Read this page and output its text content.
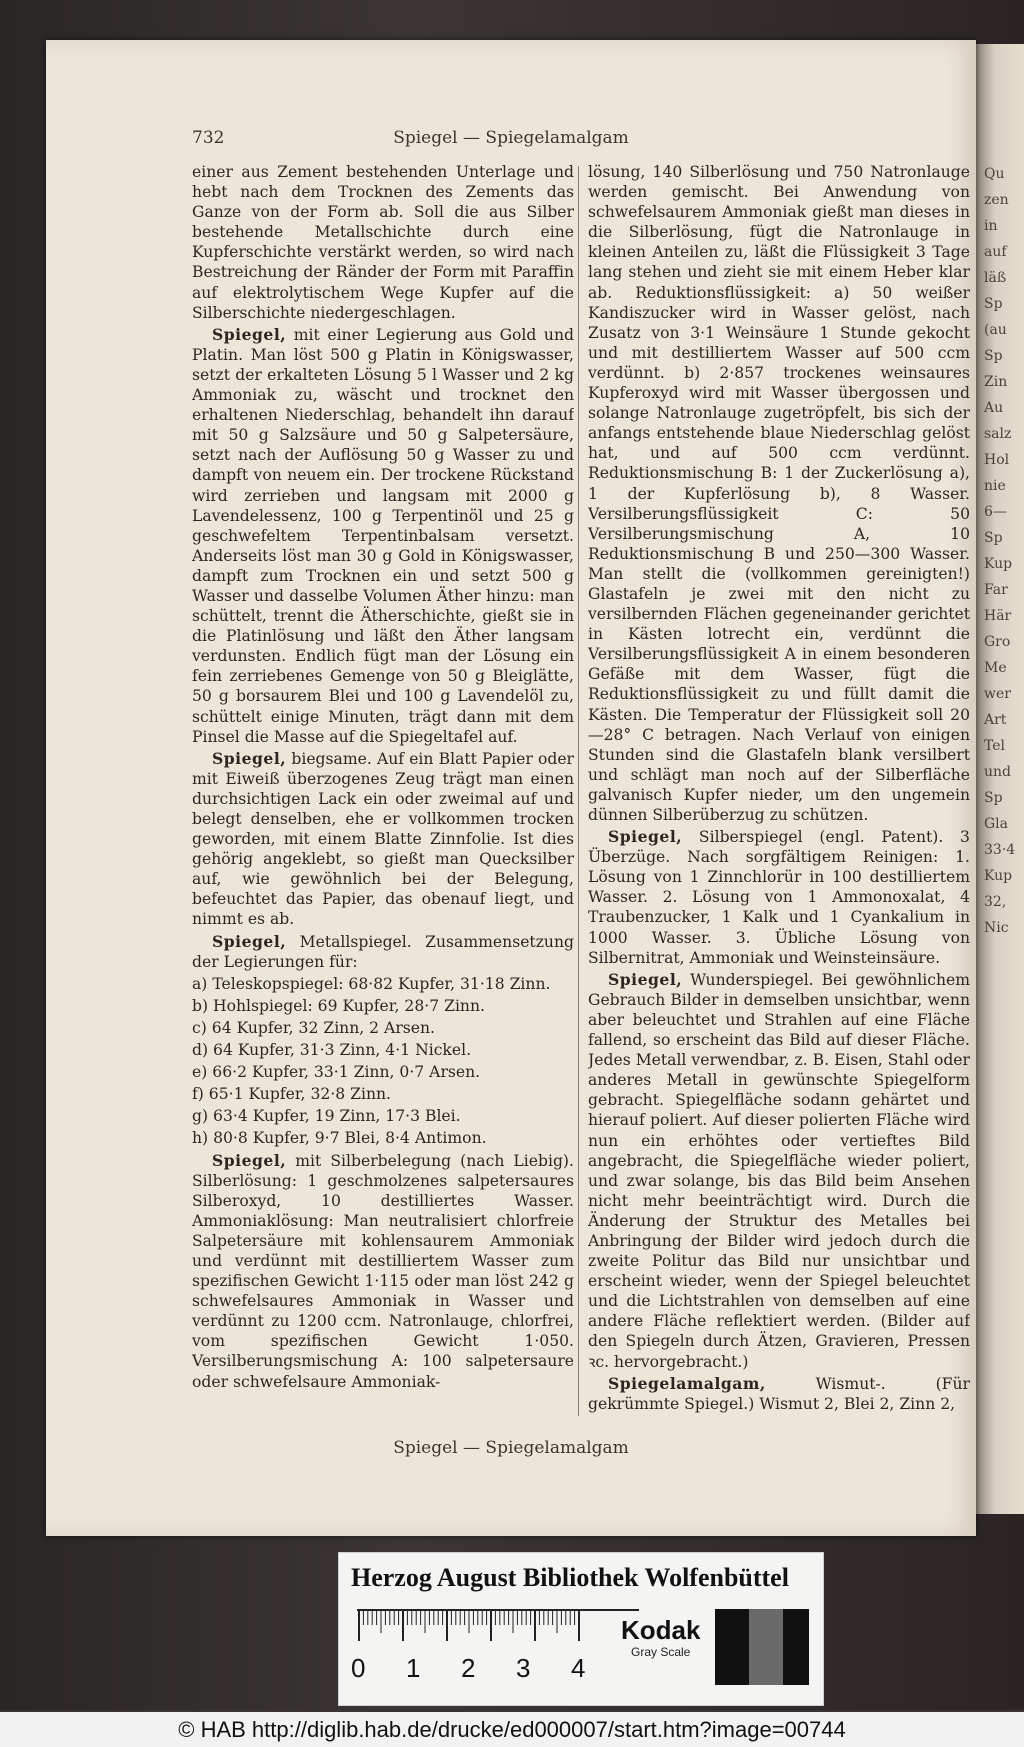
Qu
zen
in
auf
läß
Sp
(au
Sp
Zin
Au
salz
Hol
nie
6—
Sp
Kup
Far
Här
Gro
Me
wer
Art
Tel
und
Sp
Gla
33·4
Kup
32,
Nic
732	Spiegel — Spiegelamalgam

einer aus Zement bestehenden Unterlage und hebt nach dem Trocknen des Zements das Ganze von der Form ab. Soll die aus Silber bestehende Metallschichte durch eine Kupferschichte verstärkt werden, so wird nach Bestreichung der Ränder der Form mit Paraffin auf elektrolytischem Wege Kupfer auf die Silberschichte niedergeschlagen.

Spiegel, mit einer Legierung aus Gold und Platin. Man löst 500 g Platin in Königswasser, setzt der erkalteten Lösung 5 l Wasser und 2 kg Ammoniak zu, wäscht und trocknet den erhaltenen Niederschlag, behandelt ihn darauf mit 50 g Salzsäure und 50 g Salpetersäure, setzt nach der Auflösung 50 g Wasser zu und dampft von neuem ein. Der trockene Rückstand wird zerrieben und langsam mit 2000 g Lavendelessenz, 100 g Terpentinöl und 25 g geschwefeltem Terpentinbalsam versetzt. Anderseits löst man 30 g Gold in Königswasser, dampft zum Trocknen ein und setzt 500 g Wasser und dasselbe Volumen Äther hinzu: man schüttelt, trennt die Ätherschichte, gießt sie in die Platinlösung und läßt den Äther langsam verdunsten. Endlich fügt man der Lösung ein fein zerriebenes Gemenge von 50 g Bleiglätte, 50 g borsaurem Blei und 100 g Lavendelöl zu, schüttelt einige Minuten, trägt dann mit dem Pinsel die Masse auf die Spiegeltafel auf.

Spiegel, biegsame. Auf ein Blatt Papier oder mit Eiweiß überzogenes Zeug trägt man einen durchsichtigen Lack ein oder zweimal auf und belegt denselben, ehe er vollkommen trocken geworden, mit einem Blatte Zinnfolie. Ist dies gehörig angeklebt, so gießt man Quecksilber auf, wie gewöhnlich bei der Belegung, befeuchtet das Papier, das obenauf liegt, und nimmt es ab.

Spiegel, Metallspiegel. Zusammensetzung der Legierungen für:

a) Teleskopspiegel: 68·82 Kupfer, 31·18 Zinn.

b) Hohlspiegel: 69 Kupfer, 28·7 Zinn.

c) 64 Kupfer, 32 Zinn, 2 Arsen.

d) 64 Kupfer, 31·3 Zinn, 4·1 Nickel.

e) 66·2 Kupfer, 33·1 Zinn, 0·7 Arsen.

f) 65·1 Kupfer, 32·8 Zinn.

g) 63·4 Kupfer, 19 Zinn, 17·3 Blei.

h) 80·8 Kupfer, 9·7 Blei, 8·4 Antimon.

Spiegel, mit Silberbelegung (nach Liebig). Silberlösung: 1 geschmolzenes salpetersaures Silberoxyd, 10 destilliertes Wasser. Ammoniaklösung: Man neutralisiert chlorfreie Salpetersäure mit kohlensaurem Ammoniak und verdünnt mit destilliertem Wasser zum spezifischen Gewicht 1·115 oder man löst 242 g schwefelsaures Ammoniak in Wasser und verdünnt zu 1200 ccm. Natronlauge, chlorfrei, vom spezifischen Gewicht 1·050. Versilberungsmischung A: 100 salpetersaure oder schwefelsaure Ammoniak-

lösung, 140 Silberlösung und 750 Natronlauge werden gemischt. Bei Anwendung von schwefelsaurem Ammoniak gießt man dieses in die Silberlösung, fügt die Natronlauge in kleinen Anteilen zu, läßt die Flüssigkeit 3 Tage lang stehen und zieht sie mit einem Heber klar ab. Reduktionsflüssigkeit: a) 50 weißer Kandiszucker wird in Wasser gelöst, nach Zusatz von 3·1 Weinsäure 1 Stunde gekocht und mit destilliertem Wasser auf 500 ccm verdünnt. b) 2·857 trockenes weinsaures Kupferoxyd wird mit Wasser übergossen und solange Natronlauge zugetröpfelt, bis sich der anfangs entstehende blaue Niederschlag gelöst hat, und auf 500 ccm verdünnt. Reduktionsmischung B: 1 der Zuckerlösung a), 1 der Kupferlösung b), 8 Wasser. Versilberungsflüssigkeit C: 50 Versilberungsmischung A, 10 Reduktionsmischung B und 250—300 Wasser. Man stellt die (vollkommen gereinigten!) Glastafeln je zwei mit den nicht zu versilbernden Flächen gegeneinander gerichtet in Kästen lotrecht ein, verdünnt die Versilberungsflüssigkeit A in einem besonderen Gefäße mit dem Wasser, fügt die Reduktionsflüssigkeit zu und füllt damit die Kästen. Die Temperatur der Flüssigkeit soll 20—28° C betragen. Nach Verlauf von einigen Stunden sind die Glastafeln blank versilbert und schlägt man noch auf der Silberfläche galvanisch Kupfer nieder, um den ungemein dünnen Silberüberzug zu schützen.

Spiegel, Silberspiegel (engl. Patent). 3 Überzüge. Nach sorgfältigem Reinigen: 1. Lösung von 1 Zinnchlorür in 100 destilliertem Wasser. 2. Lösung von 1 Ammonoxalat, 4 Traubenzucker, 1 Kalk und 1 Cyankalium in 1000 Wasser. 3. Übliche Lösung von Silbernitrat, Ammoniak und Weinsteinsäure.

Spiegel, Wunderspiegel. Bei gewöhnlichem Gebrauch Bilder in demselben unsichtbar, wenn aber beleuchtet und Strahlen auf eine Fläche fallend, so erscheint das Bild auf dieser Fläche. Jedes Metall verwendbar, z. B. Eisen, Stahl oder anderes Metall in gewünschte Spiegelform gebracht. Spiegelfläche sodann gehärtet und hierauf poliert. Auf dieser polierten Fläche wird nun ein erhöhtes oder vertieftes Bild angebracht, die Spiegelfläche wieder poliert, und zwar solange, bis das Bild beim Ansehen nicht mehr beeinträchtigt wird. Durch die Änderung der Struktur des Metalles bei Anbringung der Bilder wird jedoch durch die zweite Politur das Bild nur unsichtbar und erscheint wieder, wenn der Spiegel beleuchtet und die Lichtstrahlen von demselben auf eine andere Fläche reflektiert werden. (Bilder auf den Spiegeln durch Ätzen, Gravieren, Pressen ꝛc. hervorgebracht.)

Spiegelamalgam,	Wismut-. (Für gekrümmte Spiegel.) Wismut 2, Blei 2, Zinn 2,

Spiegel — Spiegelamalgam
Herzog August Bibliothek Wolfenbüttel
0 1 2 3 4
Kodak
Gray Scale
© HAB http://diglib.hab.de/drucke/ed000007/start.htm?image=00744
